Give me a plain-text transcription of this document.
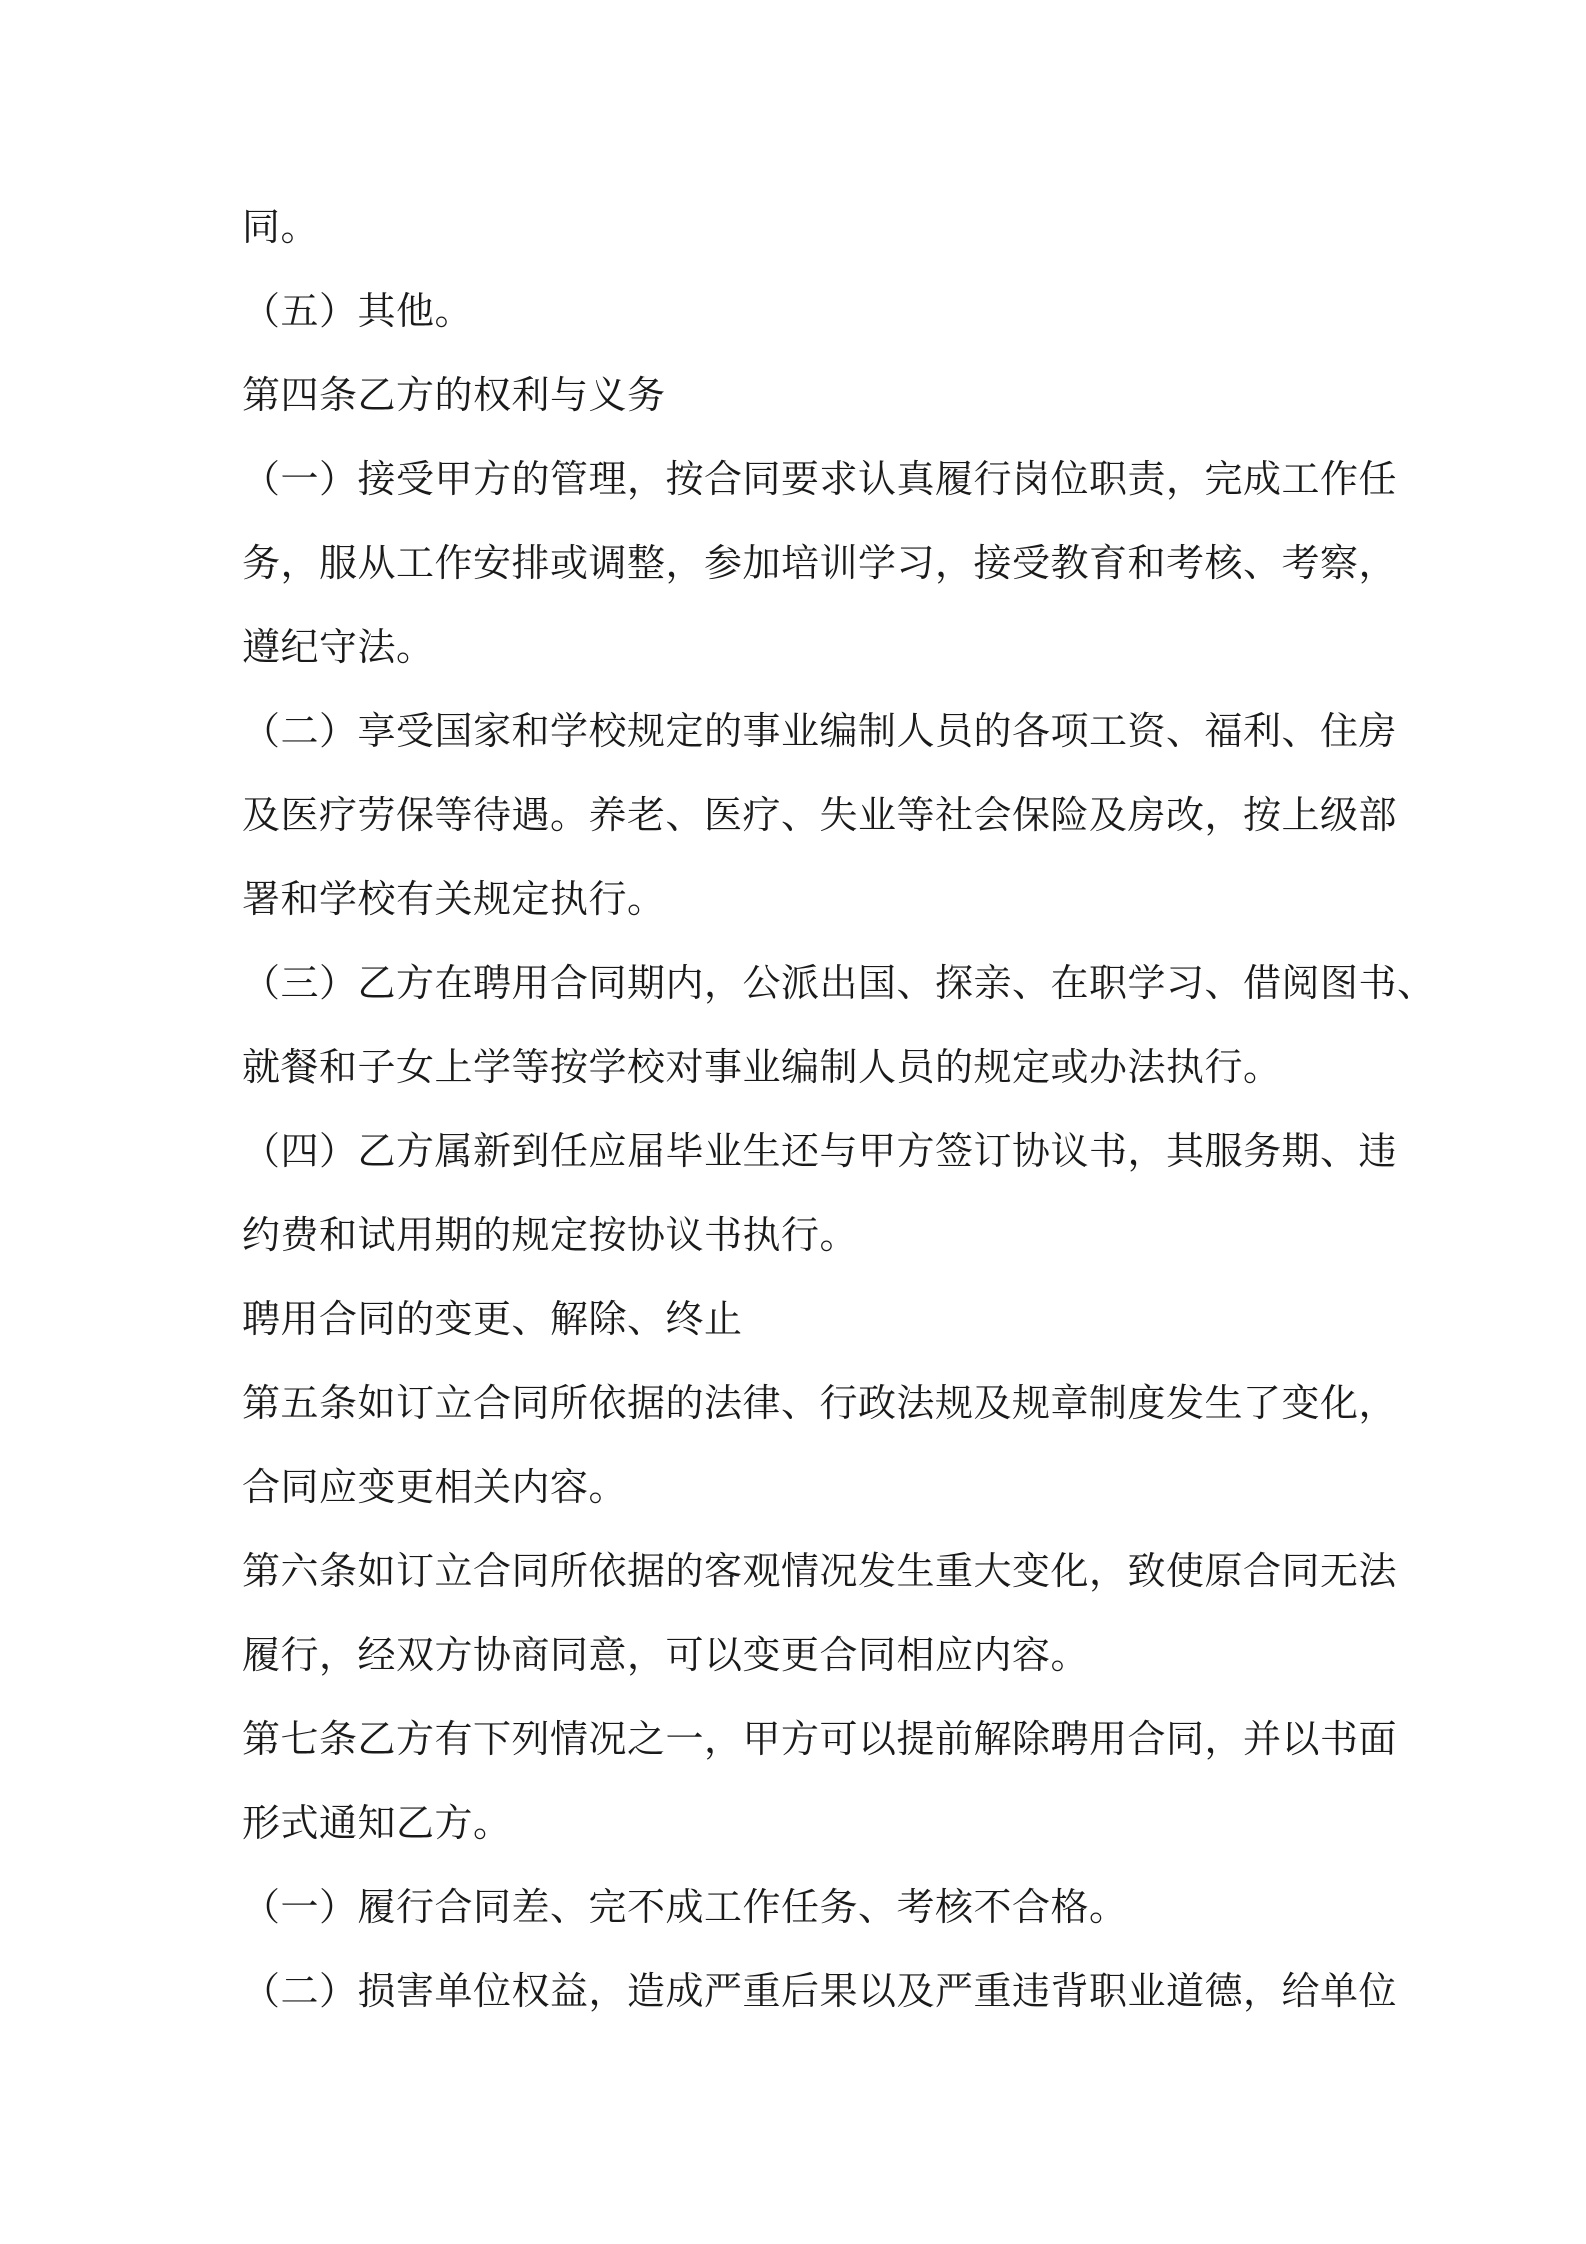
同。
（五）其他。
第四条乙方的权利与义务
（一）接受甲方的管理，按合同要求认真履行岗位职责，完成工作任
务，服从工作安排或调整，参加培训学习，接受教育和考核、考察，
遵纪守法。
（二）享受国家和学校规定的事业编制人员的各项工资、福利、住房
及医疗劳保等待遇。养老、医疗、失业等社会保险及房改，按上级部
署和学校有关规定执行。
（三）乙方在聘用合同期内，公派出国、探亲、在职学习、借阅图书、
就餐和子女上学等按学校对事业编制人员的规定或办法执行。
（四）乙方属新到任应届毕业生还与甲方签订协议书，其服务期、违
约费和试用期的规定按协议书执行。
聘用合同的变更、解除、终止
第五条如订立合同所依据的法律、行政法规及规章制度发生了变化，
合同应变更相关内容。
第六条如订立合同所依据的客观情况发生重大变化，致使原合同无法
履行，经双方协商同意，可以变更合同相应内容。
第七条乙方有下列情况之一，甲方可以提前解除聘用合同，并以书面
形式通知乙方。
（一）履行合同差、完不成工作任务、考核不合格。
（二）损害单位权益，造成严重后果以及严重违背职业道德，给单位
